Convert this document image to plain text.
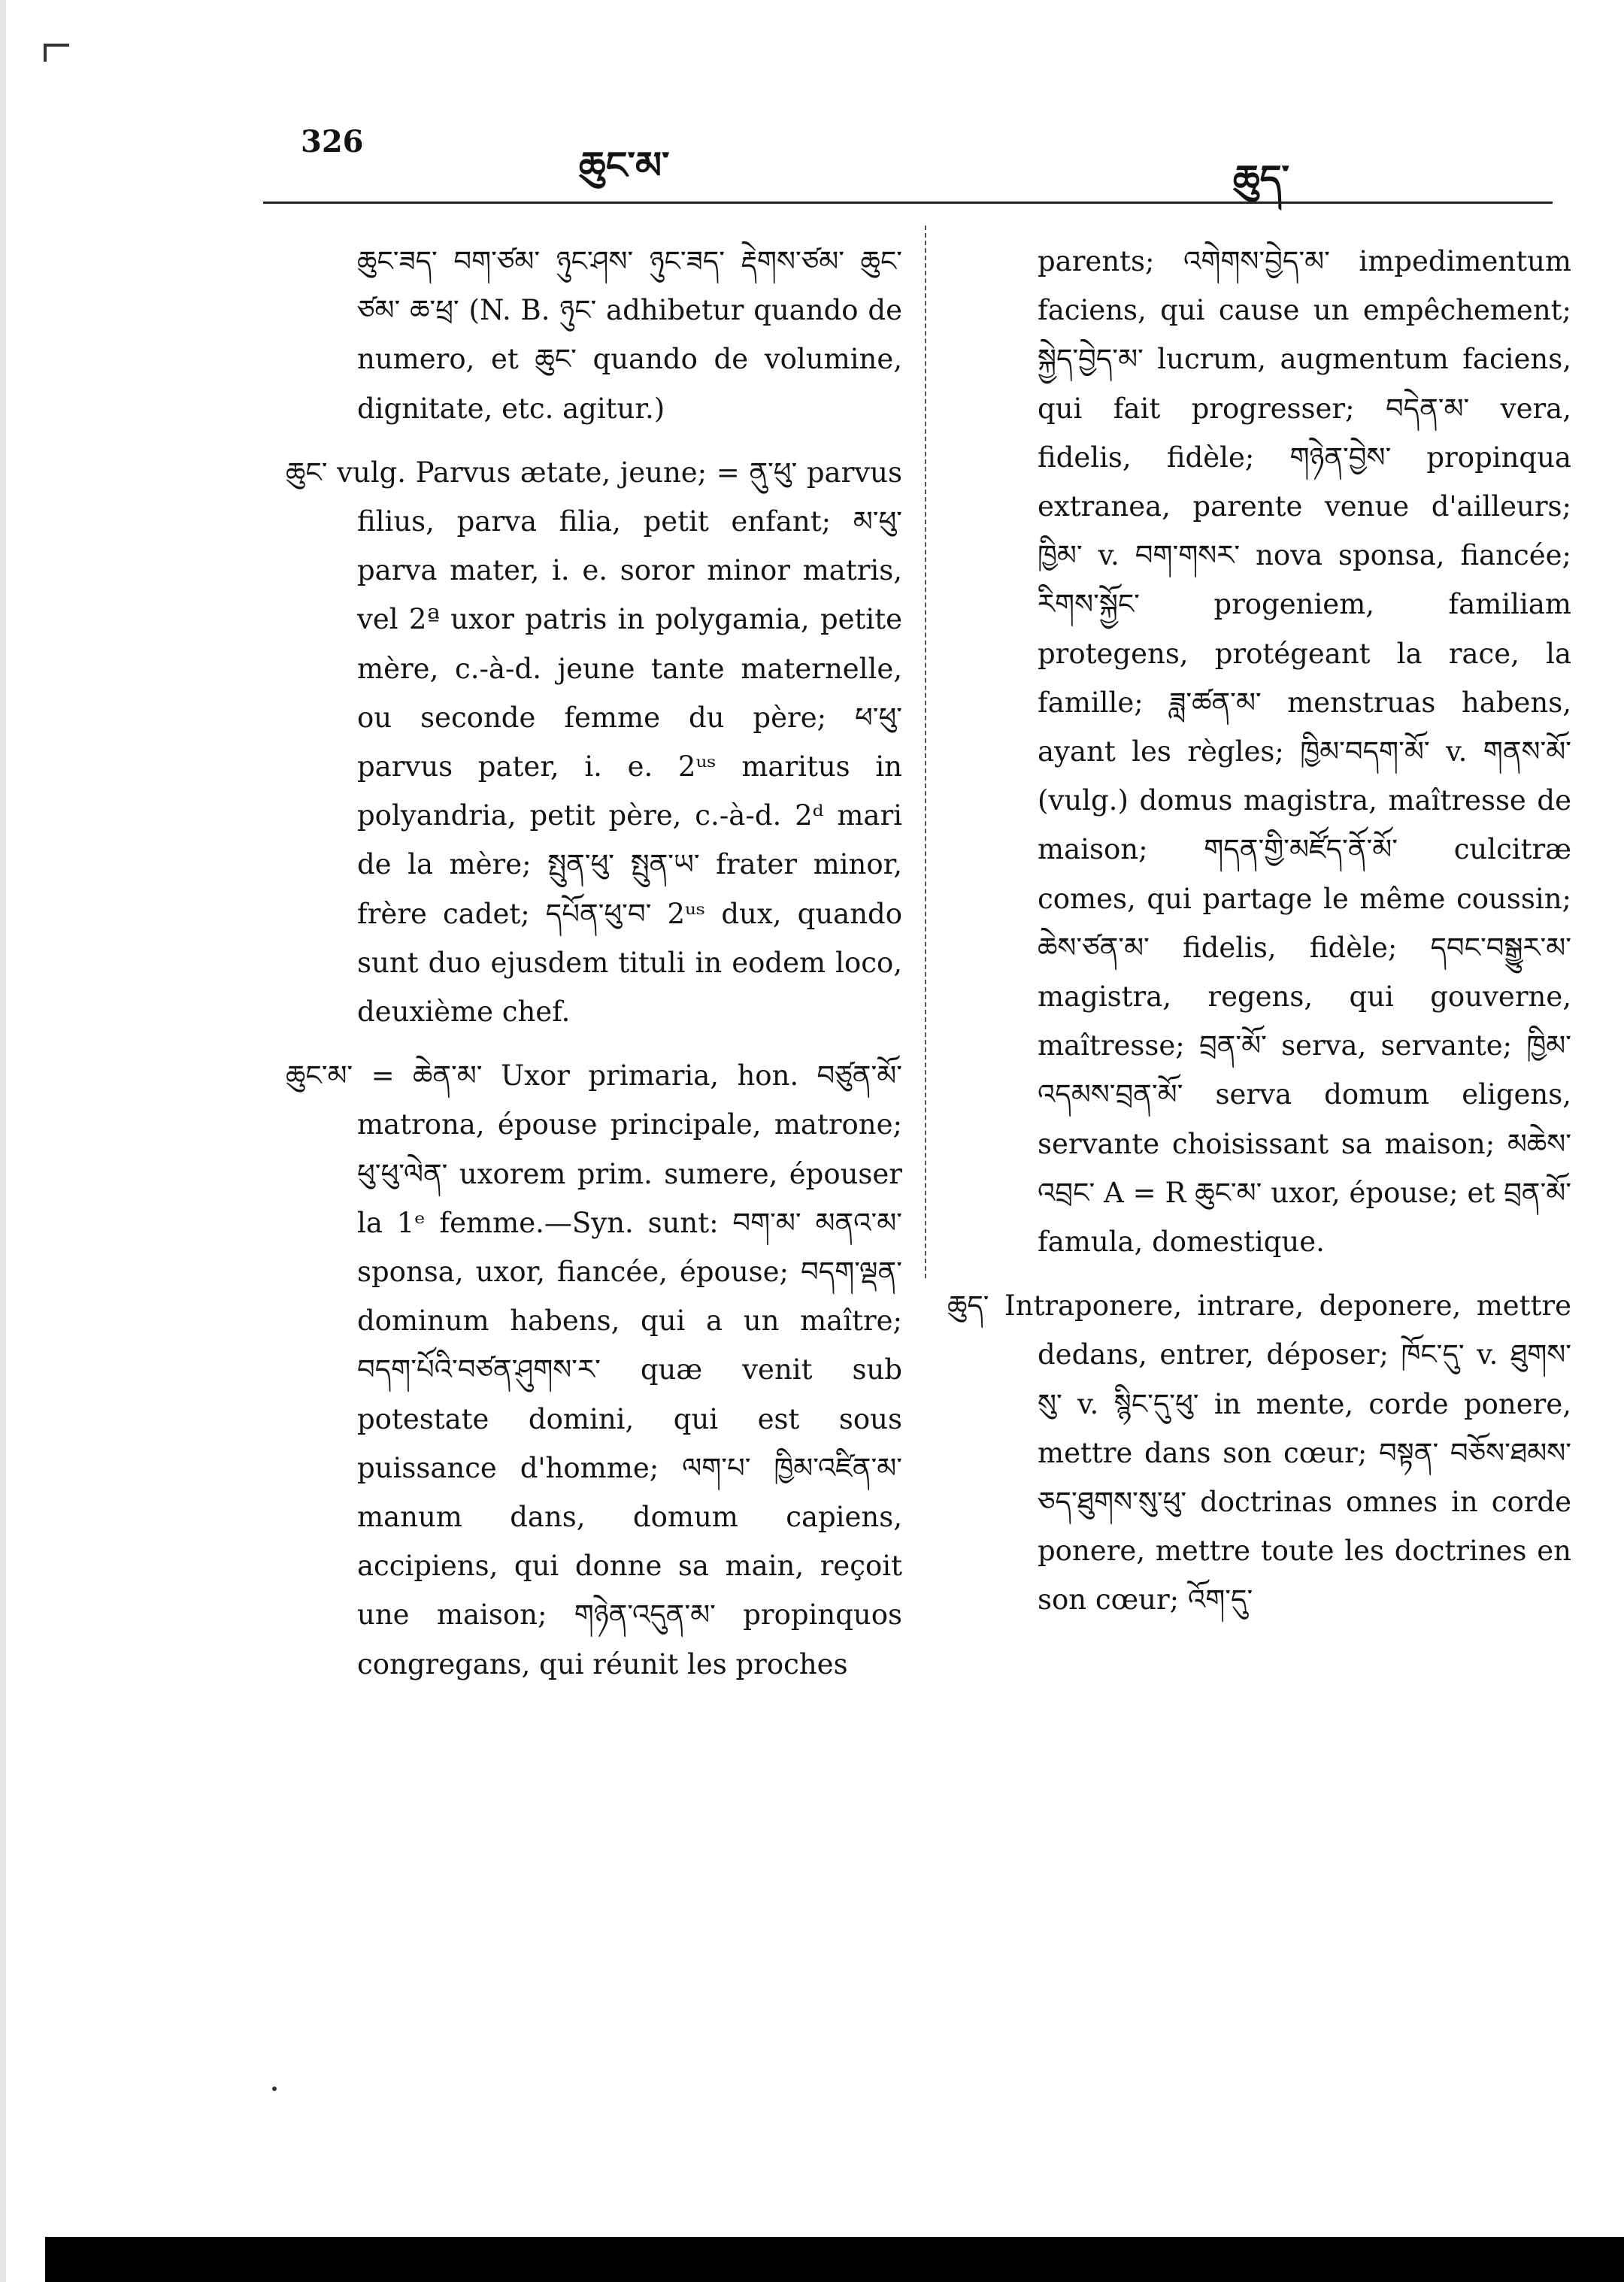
326
ཆུང་མ་	ཆུད་

ཆུང་ཟད་ བག་ཙམ་ ཉུང་ཤས་ ཉུང་ཟད་ རྡེགས་ཙམ་ ཆུང་ཙམ་ ཆ་ཕྲ་ (N. B. ཉུང་ adhibetur quando de numero, et ཆུང་ quando de volumine, dignitate, etc. agitur.)

ཆུང་ vulg. Parvus ætate, jeune; = ནུ་ཕུ་ parvus filius, parva filia, petit enfant; མ་ཕུ་ parva mater, i. e. soror minor matris, vel 2ª uxor patris in polygamia, petite mère, c.-à-d. jeune tante maternelle, ou seconde femme du père; ཕ་ཕུ་ parvus pater, i. e. 2ᵘˢ maritus in polyandria, petit père, c.-à-d. 2ᵈ mari de la mère; སྤུན་ཕུ་ སྤུན་ཡ་ frater minor, frère cadet; དཔོན་ཕུ་བ་ 2ᵘˢ dux, quando sunt duo ejusdem tituli in eodem loco, deuxième chef.

ཆུང་མ་ = ཆེན་མ་ Uxor primaria, hon. བཙུན་མོ་ matrona, épouse principale, matrone; ཕུ་ཕུ་ལེན་ uxorem prim. sumere, épouser la 1ᵉ femme.—Syn. sunt: བག་མ་ མནའ་མ་ sponsa, uxor, fiancée, épouse; བདག་ལྡན་ dominum habens, qui a un maître; བདག་པོའི་བཙན་ཤུགས་ར་ quæ venit sub potestate domini, qui est sous puissance d'homme; ལག་པ་ ཁྱིམ་འཛིན་མ་ manum dans, domum capiens, accipiens, qui donne sa main, reçoit une maison; གཉེན་འདུན་མ་ propinquos congregans, qui réunit les proches

parents; འགེགས་བྱེད་མ་ impedimentum faciens, qui cause un empêchement; སྐྱེད་བྱེད་མ་ lucrum, augmentum faciens, qui fait progresser; བདེན་མ་ vera, fidelis, fidèle; གཉེན་བྱེས་ propinqua extranea, parente venue d'ailleurs; ཁྱིམ་ v. བག་གསར་ nova sponsa, fiancée; རིགས་སྐྱོང་ progeniem, familiam protegens, protégeant la race, la famille; ཟླ་ཚན་མ་ menstruas habens, ayant les règles; ཁྱིམ་བདག་མོ་ v. གནས་མོ་ (vulg.) domus magistra, maîtresse de maison; གདན་གྱི་མཛོད་ནོ་མོ་ culcitræ comes, qui partage le même coussin; ཆེས་ཙན་མ་ fidelis, fidèle; དབང་བསྒྱུར་མ་ magistra, regens, qui gouverne, maîtresse; བྲན་མོ་ serva, servante; ཁྱིམ་ འདམས་བྲན་མོ་ serva domum eligens, servante choisissant sa maison; མཆེས་ འབྲང་ A = R ཆུང་མ་ uxor, épouse; et བྲན་མོ་ famula, domestique.

ཆུད་ Intraponere, intrare, deponere, mettre dedans, entrer, déposer; ཁོང་དུ་ v. ཐུགས་སུ་ v. སྙིང་དུ་ཕུ་ in mente, corde ponere, mettre dans son cœur; བསྟན་ བཅོས་ཐམས་ཅད་ཐུགས་སུ་ཕུ་ doctrinas omnes in corde ponere, mettre toute les doctrines en son cœur; འོག་དུ་
